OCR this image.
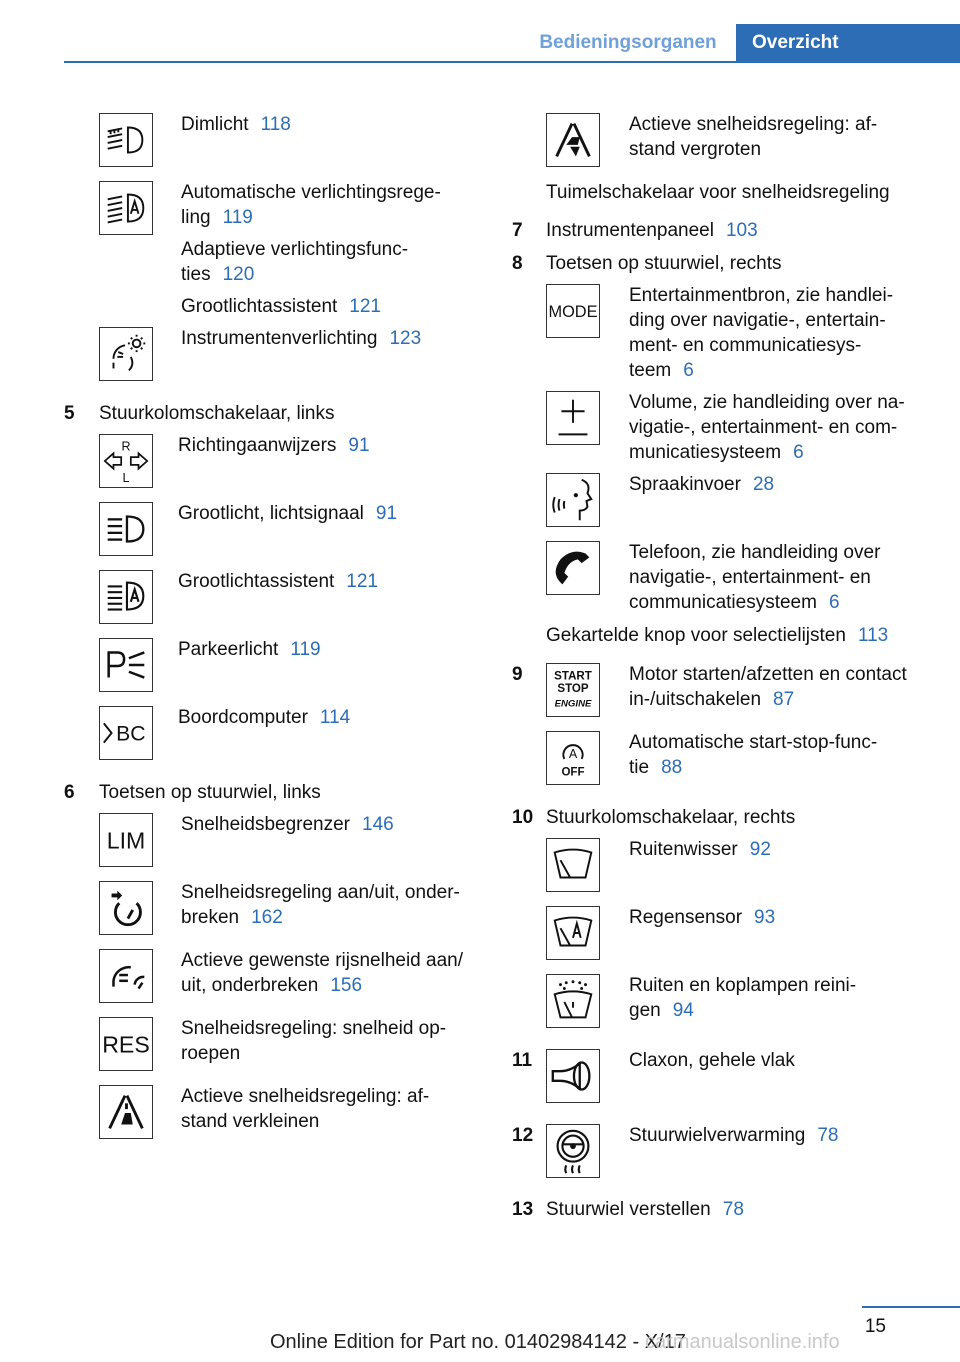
Bedieningsorganen	Overzicht
Dimlicht 118
Automatische verlichtingsrege-
ling 119
Adaptieve verlichtingsfunc-
ties 120
Grootlichtassistent 121
Instrumentenverlichting 123
5 Stuurkolomschakelaar, links
R
L
Richtingaanwijzers 91
Grootlicht, lichtsignaal 91
Grootlichtassistent 121
Parkeerlicht 119
BC
Boordcomputer 114
6 Toetsen op stuurwiel, links
LIM
Snelheidsbegrenzer 146
Snelheidsregeling aan/uit, onder-
breken 162
Actieve gewenste rijsnelheid aan/
uit, onderbreken 156
RES
Snelheidsregeling: snelheid op-
roepen
Actieve snelheidsregeling: af-
stand verkleinen
Actieve snelheidsregeling: af-
stand vergroten
Tuimelschakelaar voor snelheidsregeling
7 Instrumentenpaneel 103
8 Toetsen op stuurwiel, rechts
MODE
Entertainmentbron, zie handlei-
ding over navigatie-, entertain-
ment- en communicatiesys-
teem 6
Volume, zie handleiding over na-
vigatie-, entertainment- en com-
municatiesysteem 6
Spraakinvoer 28
Telefoon, zie handleiding over
navigatie-, entertainment- en
communicatiesysteem 6
Gekartelde knop voor selectielijsten 113
9	START
STOP
ENGINE
Motor starten/afzetten en contact
in-/uitschakelen 87
A
OFF
Automatische start-stop-func-
tie 88
10 Stuurkolomschakelaar, rechts
Ruitenwisser 92
Regensensor 93
Ruiten en koplampen reini-
gen 94
11	Claxon, gehele vlak
12	Stuurwielverwarming 78
13 Stuurwiel verstellen 78
15
Online Edition for Part no. 01402984142 - X/17
carmanualsonline.info
